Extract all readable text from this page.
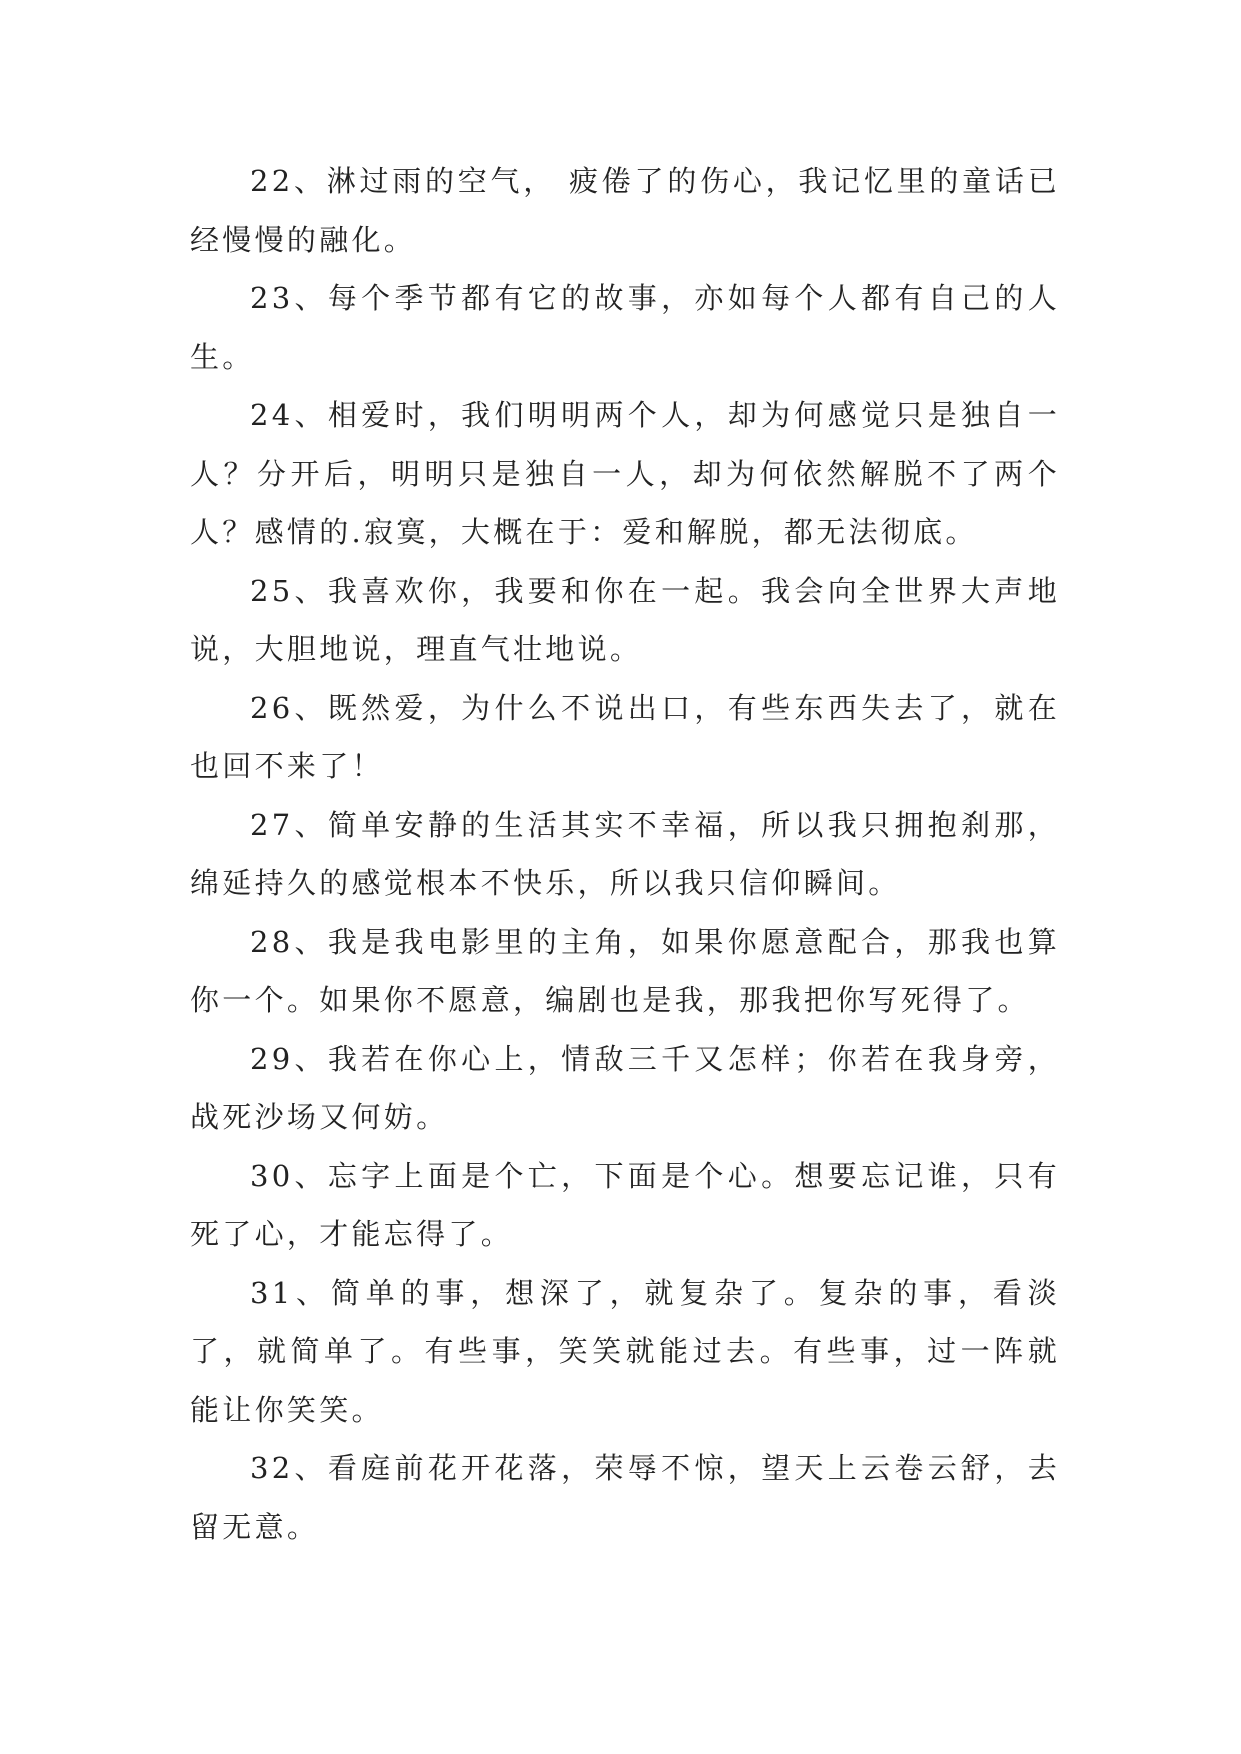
22、淋过雨的空气， 疲倦了的伤心，我记忆里的童话已经慢慢的融化。

23、每个季节都有它的故事，亦如每个人都有自己的人生。

24、相爱时，我们明明两个人，却为何感觉只是独自一人？分开后，明明只是独自一人，却为何依然解脱不了两个人？感情的.寂寞，大概在于：爱和解脱，都无法彻底。

25、我喜欢你，我要和你在一起。我会向全世界大声地说，大胆地说，理直气壮地说。

26、既然爱，为什么不说出口，有些东西失去了，就在也回不来了！

27、简单安静的生活其实不幸福，所以我只拥抱刹那，绵延持久的感觉根本不快乐，所以我只信仰瞬间。

28、我是我电影里的主角，如果你愿意配合，那我也算你一个。如果你不愿意，编剧也是我，那我把你写死得了。

29、我若在你心上，情敌三千又怎样；你若在我身旁，战死沙场又何妨。

30、忘字上面是个亡，下面是个心。想要忘记谁，只有死了心，才能忘得了。

31、简单的事，想深了，就复杂了。复杂的事，看淡了，就简单了。有些事，笑笑就能过去。有些事，过一阵就能让你笑笑。

32、看庭前花开花落，荣辱不惊，望天上云卷云舒，去留无意。
